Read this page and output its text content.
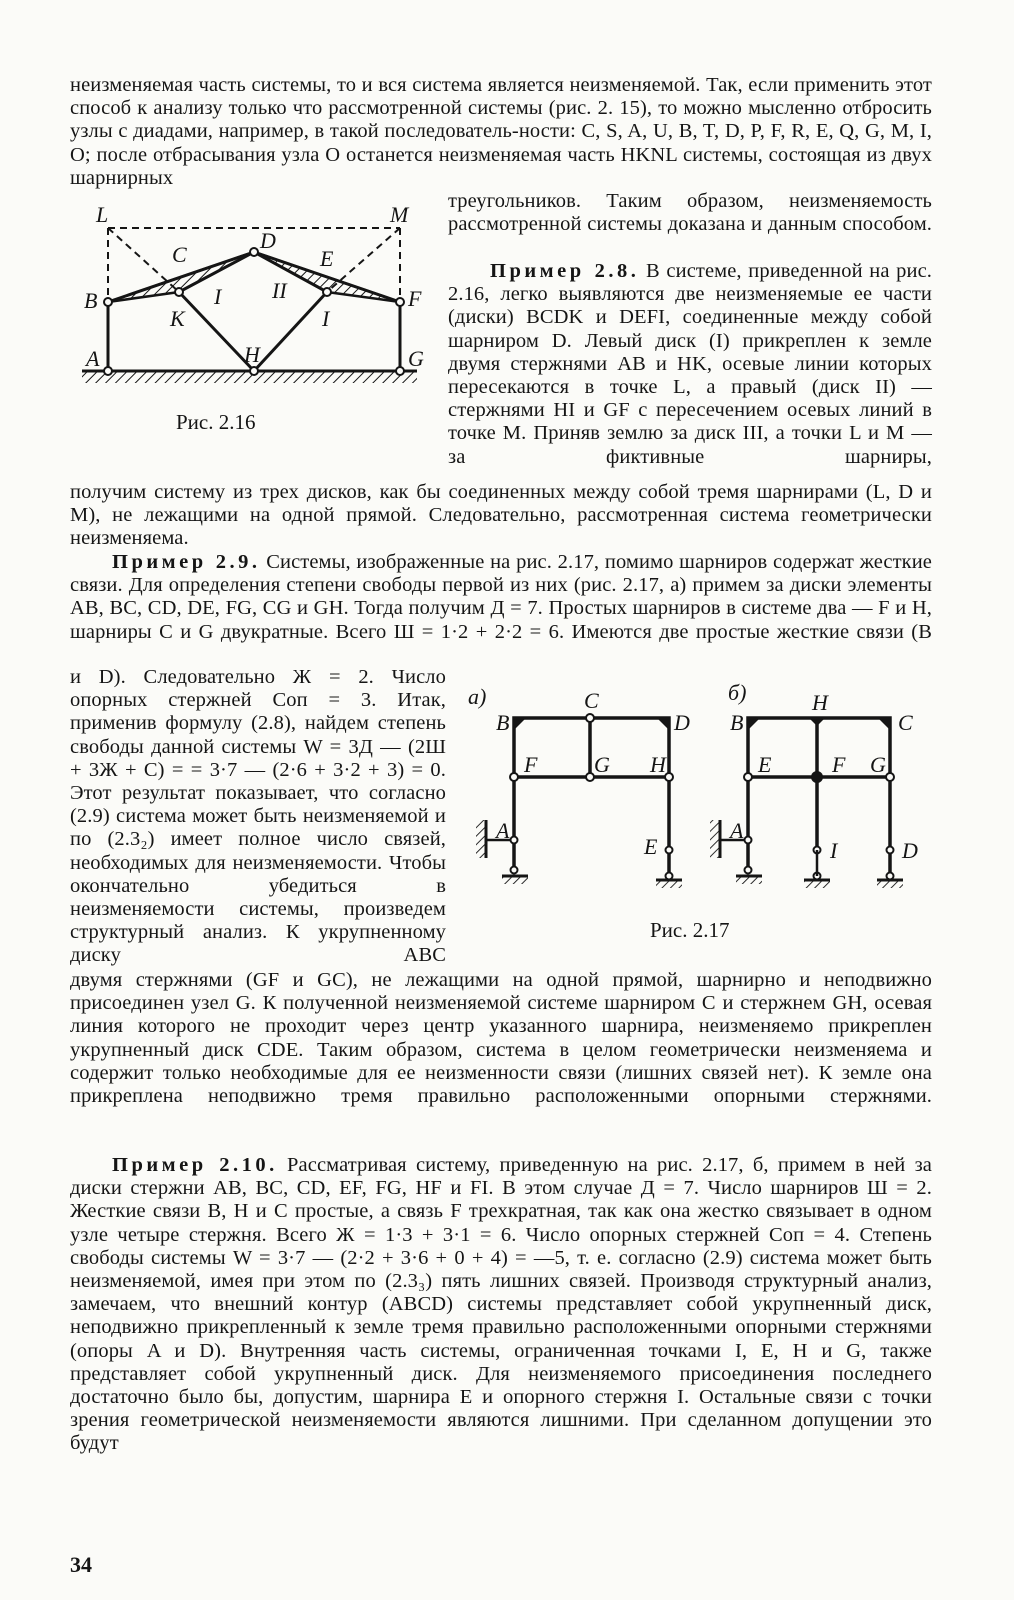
неизменяемая часть системы, то и вся система является неизменяемой. Так, если применить этот способ к анализу только что рассмотренной системы (рис. 2. 15), то можно мысленно отбросить узлы с диадами, например, в такой последователь-ности: C, S, A, U, B, T, D, P, F, R, E, Q, G, M, I, O; после отбрасывания узла O останется неизменяемая часть HKNL системы, состоящая из двух шарнирных

L	M
C
D
E
B	F
I II
K	I
H
A	G
Рис. 2.16

треугольников. Таким образом, неизменяемость рассмотренной системы доказана и данным способом.

Пример 2.8. В системе, приведенной на рис. 2.16, легко выявляются две неизменяемые ее части (диски) BCDK и DEFI, соединенные между собой шарниром D. Левый диск (I) прикреплен к земле двумя стержнями AB и HK, осевые линии которых пересекаются в точке L, а правый (диск II) — стержнями HI и GF с пересечением осевых линий в точке M. Приняв землю за диск III, а точки L и M — за фиктивные шарниры,

получим систему из трех дисков, как бы соединенных между собой тремя шарнирами (L, D и M), не лежащими на одной прямой. Следовательно, рассмотренная система геометрически неизменяема.

Пример 2.9. Системы, изображенные на рис. 2.17, помимо шарниров содержат жесткие связи. Для определения степени свободы первой из них (рис. 2.17, а) примем за диски элементы AB, BC, CD, DE, FG, CG и GH. Тогда получим Д = 7. Простых шарниров в системе два — F и H, шарниры C и G двукратные. Всего Ш = 1·2 + 2·2 = 6. Имеются две простые жесткие связи (B

и D). Следовательно Ж = 2. Число опорных стержней Cоп = 3. Итак, применив формулу (2.8), найдем степень свободы данной системы W = 3Д — (2Ш + 3Ж + C) = = 3·7 — (2·6 + 3·2 + 3) = 0. Этот результат показывает, что согласно (2.9) система может быть неизменяемой и по (2.3₂) имеет полное число связей, необходимых для неизменяемости. Чтобы окончательно убедиться в неизменяемости системы, произведем структурный анализ. К укрупненному диску ABC

а)	б)
B
C
D
F	G H
A
E
B
H
C
E	F G
A
I	D
Рис. 2.17

двумя стержнями (GF и GC), не лежащими на одной прямой, шарнирно и неподвижно присоединен узел G. К полученной неизменяемой системе шарниром C и стержнем GH, осевая линия которого не проходит через центр указанного шарнира, неизменяемо прикреплен укрупненный диск CDE. Таким образом, система в целом геометрически неизменяема и содержит только необходимые для ее неизменности связи (лишних связей нет). К земле она прикреплена неподвижно тремя правильно расположенными опорными стержнями.

Пример 2.10. Рассматривая систему, приведенную на рис. 2.17, б, примем в ней за диски стержни AB, BC, CD, EF, FG, HF и FI. В этом случае Д = 7. Число шарниров Ш = 2. Жесткие связи B, H и C простые, а связь F трехкратная, так как она жестко связывает в одном узле четыре стержня. Всего Ж = 1·3 + 3·1 = 6. Число опорных стержней Cоп = 4. Степень свободы системы W = 3·7 — (2·2 + 3·6 + 0 + 4) = —5, т. е. согласно (2.9) система может быть неизменяемой, имея при этом по (2.3₃) пять лишних связей. Производя структурный анализ, замечаем, что внешний контур (ABCD) системы представляет собой укрупненный диск, неподвижно прикрепленный к земле тремя правильно расположенными опорными стержнями (опоры A и D). Внутренняя часть системы, ограниченная точками I, E, H и G, также представляет собой укрупненный диск. Для неизменяемого присоединения последнего достаточно было бы, допустим, шарнира E и опорного стержня I. Остальные связи с точки зрения геометрической неизменяемости являются лишними. При сделанном допущении это будут

34
